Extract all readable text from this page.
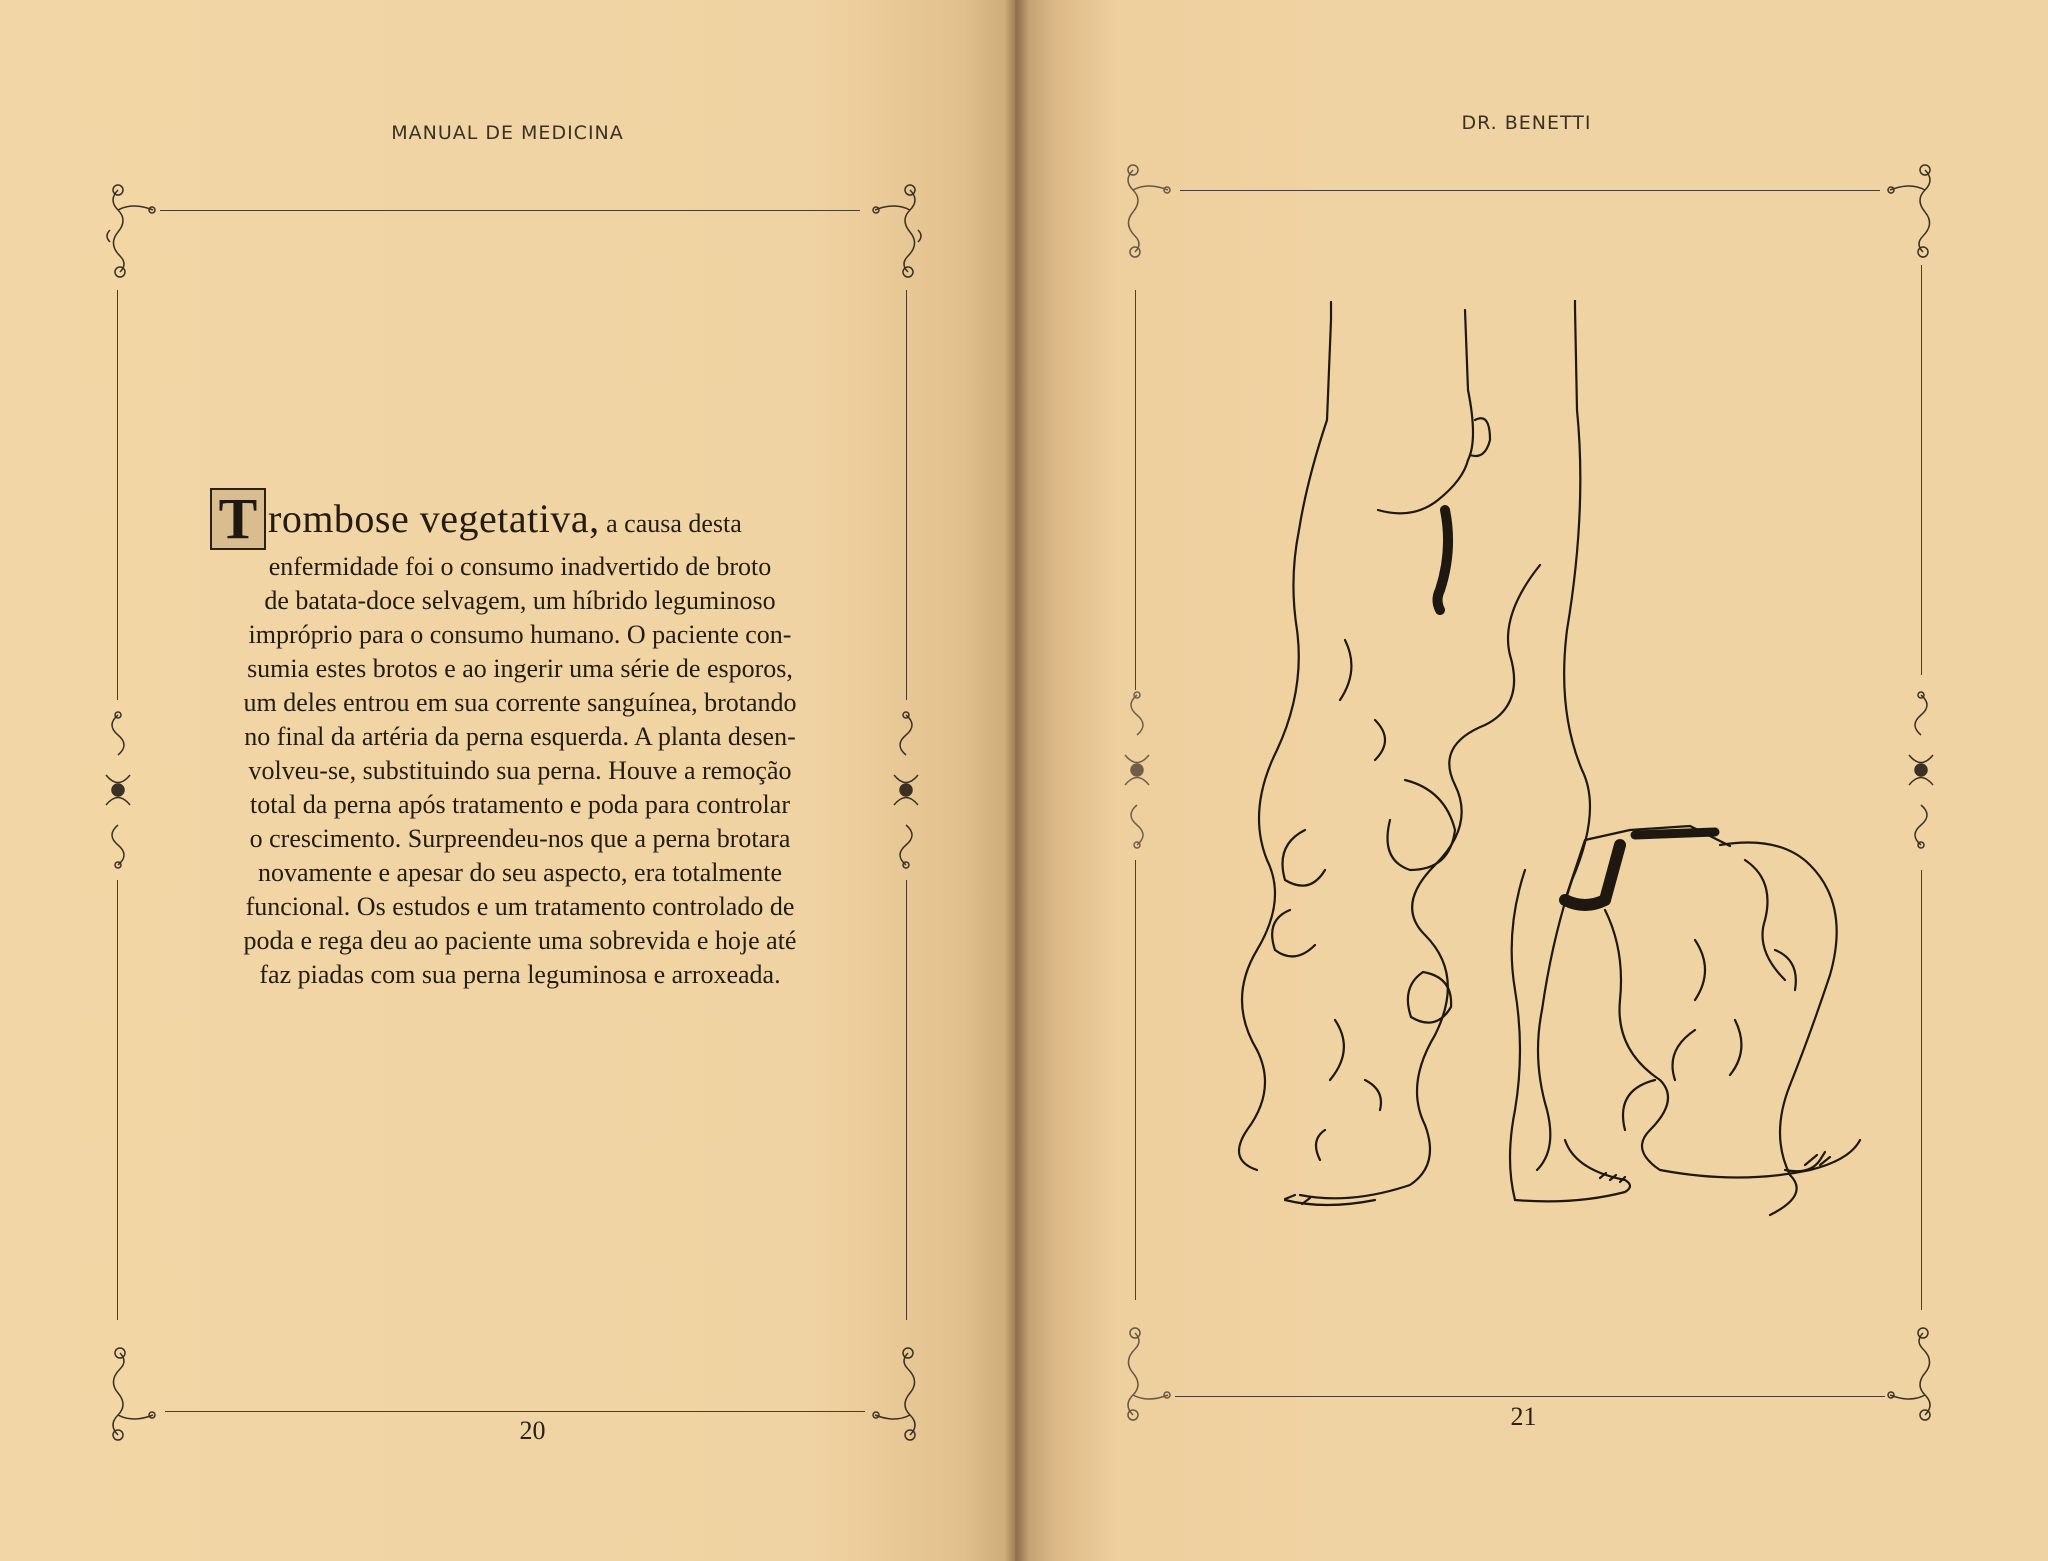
MANUAL DE MEDICINA
T rombose vegetativa, a causa desta
enfermidade foi o consumo inadvertido de broto
de batata-doce selvagem, um híbrido leguminoso
impróprio para o consumo humano. O paciente con-
sumia estes brotos e ao ingerir uma série de esporos,
um deles entrou em sua corrente sanguínea, brotando
no final da artéria da perna esquerda. A planta desen-
volveu-se, substituindo sua perna. Houve a remoção
total da perna após tratamento e poda para controlar
o crescimento. Surpreendeu-nos que a perna brotara
novamente e apesar do seu aspecto, era totalmente
funcional. Os estudos e um tratamento controlado de
poda e rega deu ao paciente uma sobrevida e hoje até
faz piadas com sua perna leguminosa e arroxeada.
20
DR. BENETTI
21
